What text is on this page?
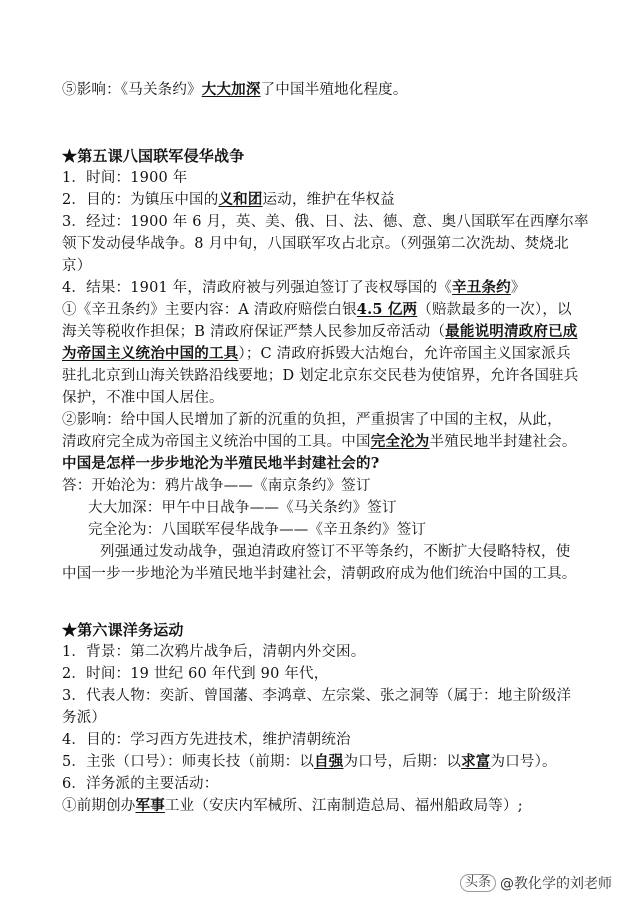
⑤影响：《马关条约》大大加深了中国半殖地化程度。
★第五课八国联军侵华战争
1．时间：1900 年
2．目的：为镇压中国的义和团运动，维护在华权益
3．经过：1900 年 6 月，英、美、俄、日、法、德、意、奥八国联军在西摩尔率
领下发动侵华战争。8 月中旬，八国联军攻占北京。（列强第二次洗劫、焚烧北
京）
4．结果：1901 年，清政府被与列强迫签订了丧权辱国的《辛丑条约》
①《辛丑条约》主要内容：A 清政府赔偿白银4.5 亿两（赔款最多的一次），以
海关等税收作担保；B 清政府保证严禁人民参加反帝活动（最能说明清政府已成
为帝国主义统治中国的工具）；C 清政府拆毁大沽炮台，允许帝国主义国家派兵
驻扎北京到山海关铁路沿线要地；D 划定北京东交民巷为使馆界，允许各国驻兵
保护，不准中国人居住。
②影响：给中国人民增加了新的沉重的负担，严重损害了中国的主权，从此，
清政府完全成为帝国主义统治中国的工具。中国完全沦为半殖民地半封建社会。
中国是怎样一步步地沦为半殖民地半封建社会的?
答：开始沦为：鸦片战争——《南京条约》签订
大大加深：甲午中日战争——《马关条约》签订
完全沦为：八国联军侵华战争——《辛丑条约》签订
列强通过发动战争，强迫清政府签订不平等条约，不断扩大侵略特权，使
中国一步一步地沦为半殖民地半封建社会，清朝政府成为他们统治中国的工具。
★第六课洋务运动
1．背景：第二次鸦片战争后，清朝内外交困。
2．时间：19 世纪 60 年代到 90 年代，
3．代表人物：奕訢、曾国藩、李鸿章、左宗棠、张之洞等（属于：地主阶级洋
务派）
4．目的：学习西方先进技术，维护清朝统治
5．主张（口号）：师夷长技（前期：以自强为口号，后期：以求富为口号）。
6．洋务派的主要活动：
①前期创办军事工业（安庆内军械所、江南制造总局、福州船政局等）;
头条 @教化学的刘老师
